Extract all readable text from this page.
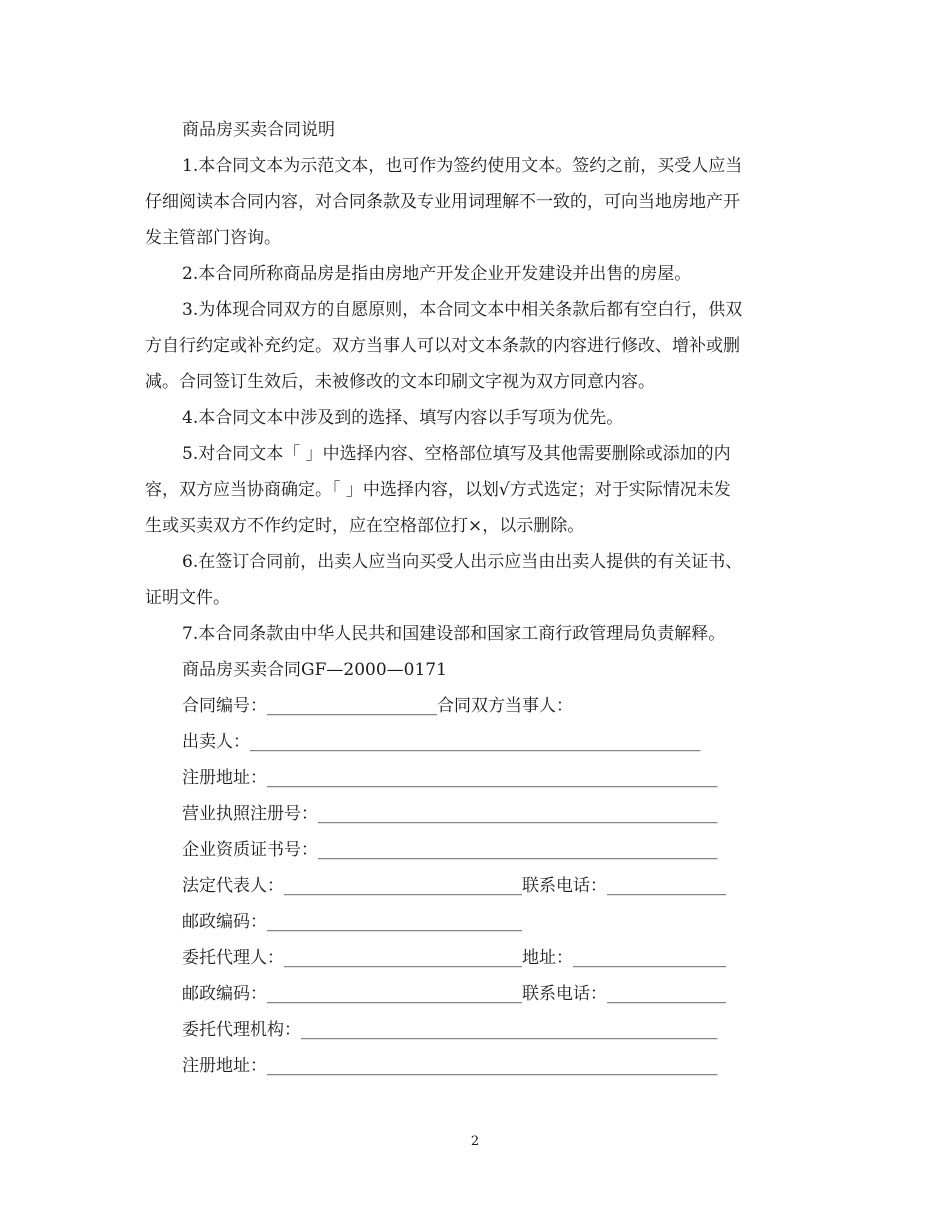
商品房买卖合同说明
1.本合同文本为示范文本，也可作为签约使用文本。签约之前，买受人应当
仔细阅读本合同内容，对合同条款及专业用词理解不一致的，可向当地房地产开
发主管部门咨询。
2.本合同所称商品房是指由房地产开发企业开发建设并出售的房屋。
3.为体现合同双方的自愿原则，本合同文本中相关条款后都有空白行，供双
方自行约定或补充约定。双方当事人可以对文本条款的内容进行修改、增补或删
减。合同签订生效后，未被修改的文本印刷文字视为双方同意内容。
4.本合同文本中涉及到的选择、填写内容以手写项为优先。
5.对合同文本「 」中选择内容、空格部位填写及其他需要删除或添加的内
容，双方应当协商确定。「 」中选择内容，以划√方式选定；对于实际情况未发
生或买卖双方不作约定时，应在空格部位打×，以示删除。
6.在签订合同前，出卖人应当向买受人出示应当由出卖人提供的有关证书、
证明文件。
7.本合同条款由中华人民共和国建设部和国家工商行政管理局负责解释。
商品房买卖合同GF—2000—0171
合同编号：____________________合同双方当事人：
出卖人：_____________________________________________________
注册地址：_____________________________________________________
营业执照注册号：_______________________________________________
企业资质证书号：_______________________________________________
法定代表人：____________________________联系电话：______________
邮政编码：______________________________
委托代理人：____________________________地址：__________________
邮政编码：______________________________联系电话：______________
委托代理机构：_________________________________________________
注册地址：_____________________________________________________
2
